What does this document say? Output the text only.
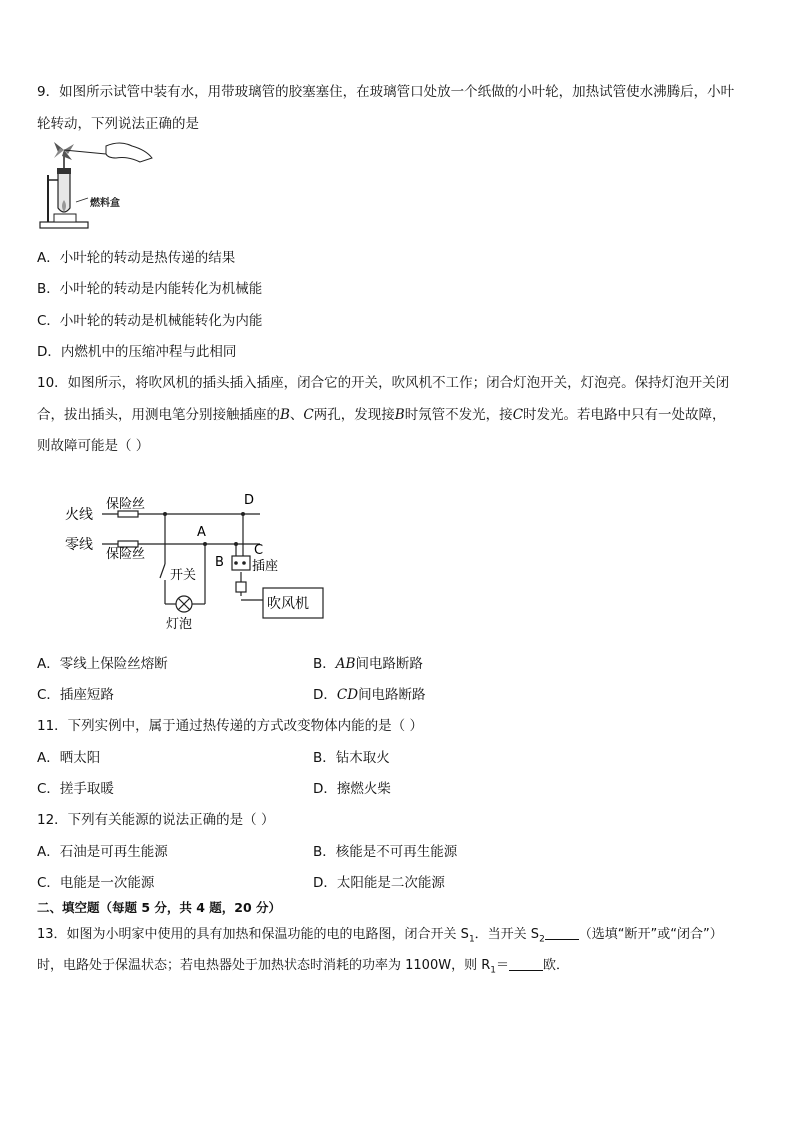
9．如图所示试管中装有水，用带玻璃管的胶塞塞住，在玻璃管口处放一个纸做的小叶轮，加热试管使水沸腾后，小叶
轮转动，下列说法正确的是
燃料盒
A．小叶轮的转动是热传递的结果
B．小叶轮的转动是内能转化为机械能
C．小叶轮的转动是机械能转化为内能
D．内燃机中的压缩冲程与此相同
10．如图所示，将吹风机的插头插入插座，闭合它的开关，吹风机不工作；闭合灯泡开关，灯泡亮。保持灯泡开关闭
合，拔出插头，用测电笔分别接触插座的B、C两孔，发现接B时氖管不发光，接C时发光。若电路中只有一处故障，
则故障可能是（ ）
火线
零线
保险丝
保险丝
A
B
C
D
开关
灯泡
插座
吹风机
A．零线上保险丝熔断	B．AB间电路断路
C．插座短路	D．CD间电路断路
11．下列实例中，属于通过热传递的方式改变物体内能的是（ ）
A．晒太阳	B．钻木取火
C．搓手取暖	D．擦燃火柴
12．下列有关能源的说法正确的是（ ）
A．石油是可再生能源	B．核能是不可再生能源
C．电能是一次能源	D．太阳能是二次能源
二、填空题（每题 5 分，共 4 题，20 分）
13．如图为小明家中使用的具有加热和保温功能的电的电路图，闭合开关 $S_1$．当开关 $S_2$	（选填“断开”或“闭合”）
时，电路处于保温状态；若电热器处于加热状态时消耗的功率为 1100W，则 $R_1=$	欧．
